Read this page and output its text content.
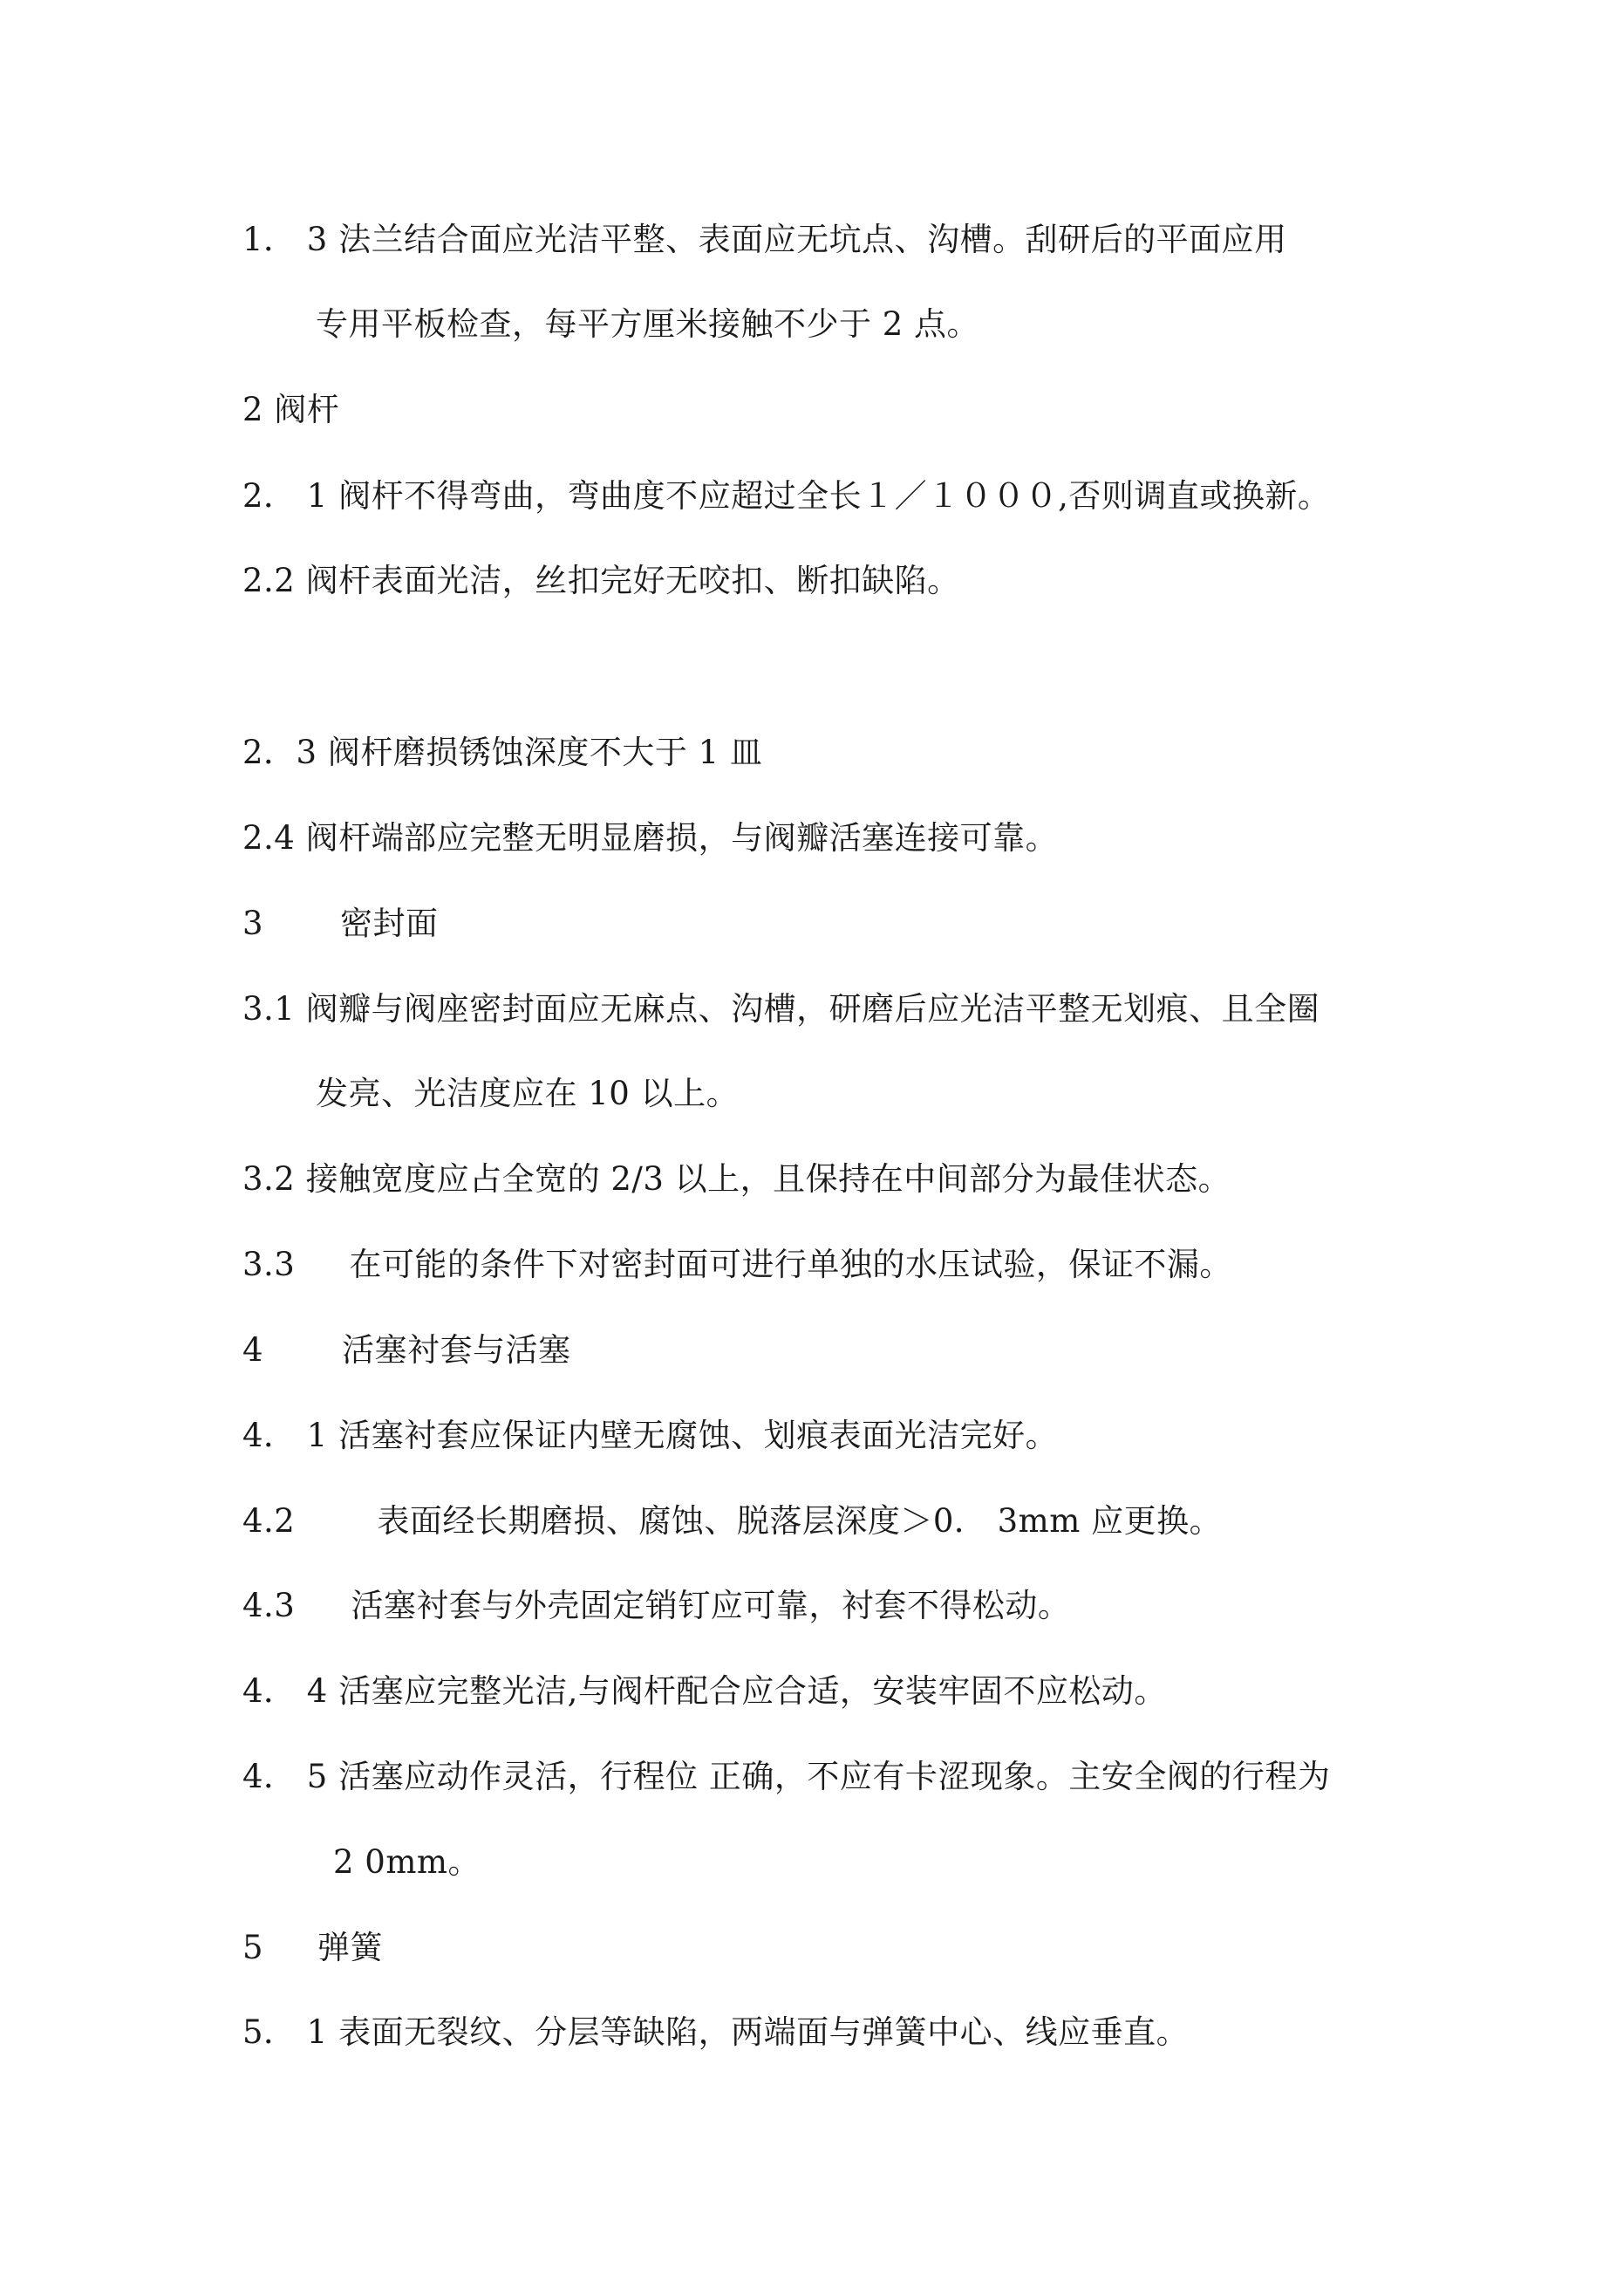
1． 3 法兰结合面应光洁平整、表面应无坑点、沟槽。刮研后的平面应用
专用平板检查，每平方厘米接触不少于 2 点。
2 阀杆
2． 1 阀杆不得弯曲，弯曲度不应超过全长１／１０００,否则调直或换新。
2.2 阀杆表面光洁，丝扣完好无咬扣、断扣缺陷。
2．3 阀杆磨损锈蚀深度不大于 1 皿
2.4 阀杆端部应完整无明显磨损，与阀瓣活塞连接可靠。
3 密封面
3.1 阀瓣与阀座密封面应无麻点、沟槽，研磨后应光洁平整无划痕、且全圈
发亮、光洁度应在 10 以上。
3.2 接触宽度应占全宽的 2/3 以上，且保持在中间部分为最佳状态。
3.3 在可能的条件下对密封面可进行单独的水压试验，保证不漏。
4 活塞衬套与活塞
4． 1 活塞衬套应保证内壁无腐蚀、划痕表面光洁完好。
4.2	表面经长期磨损、腐蚀、脱落层深度＞0． 3mm 应更换。
4.3 活塞衬套与外壳固定销钉应可靠，衬套不得松动。
4． 4 活塞应完整光洁,与阀杆配合应合适，安装牢固不应松动。
4． 5 活塞应动作灵活，行程位 正确，不应有卡涩现象。主安全阀的行程为
2 0mm。
5 弹簧
5． 1 表面无裂纹、分层等缺陷，两端面与弹簧中心、线应垂直。
